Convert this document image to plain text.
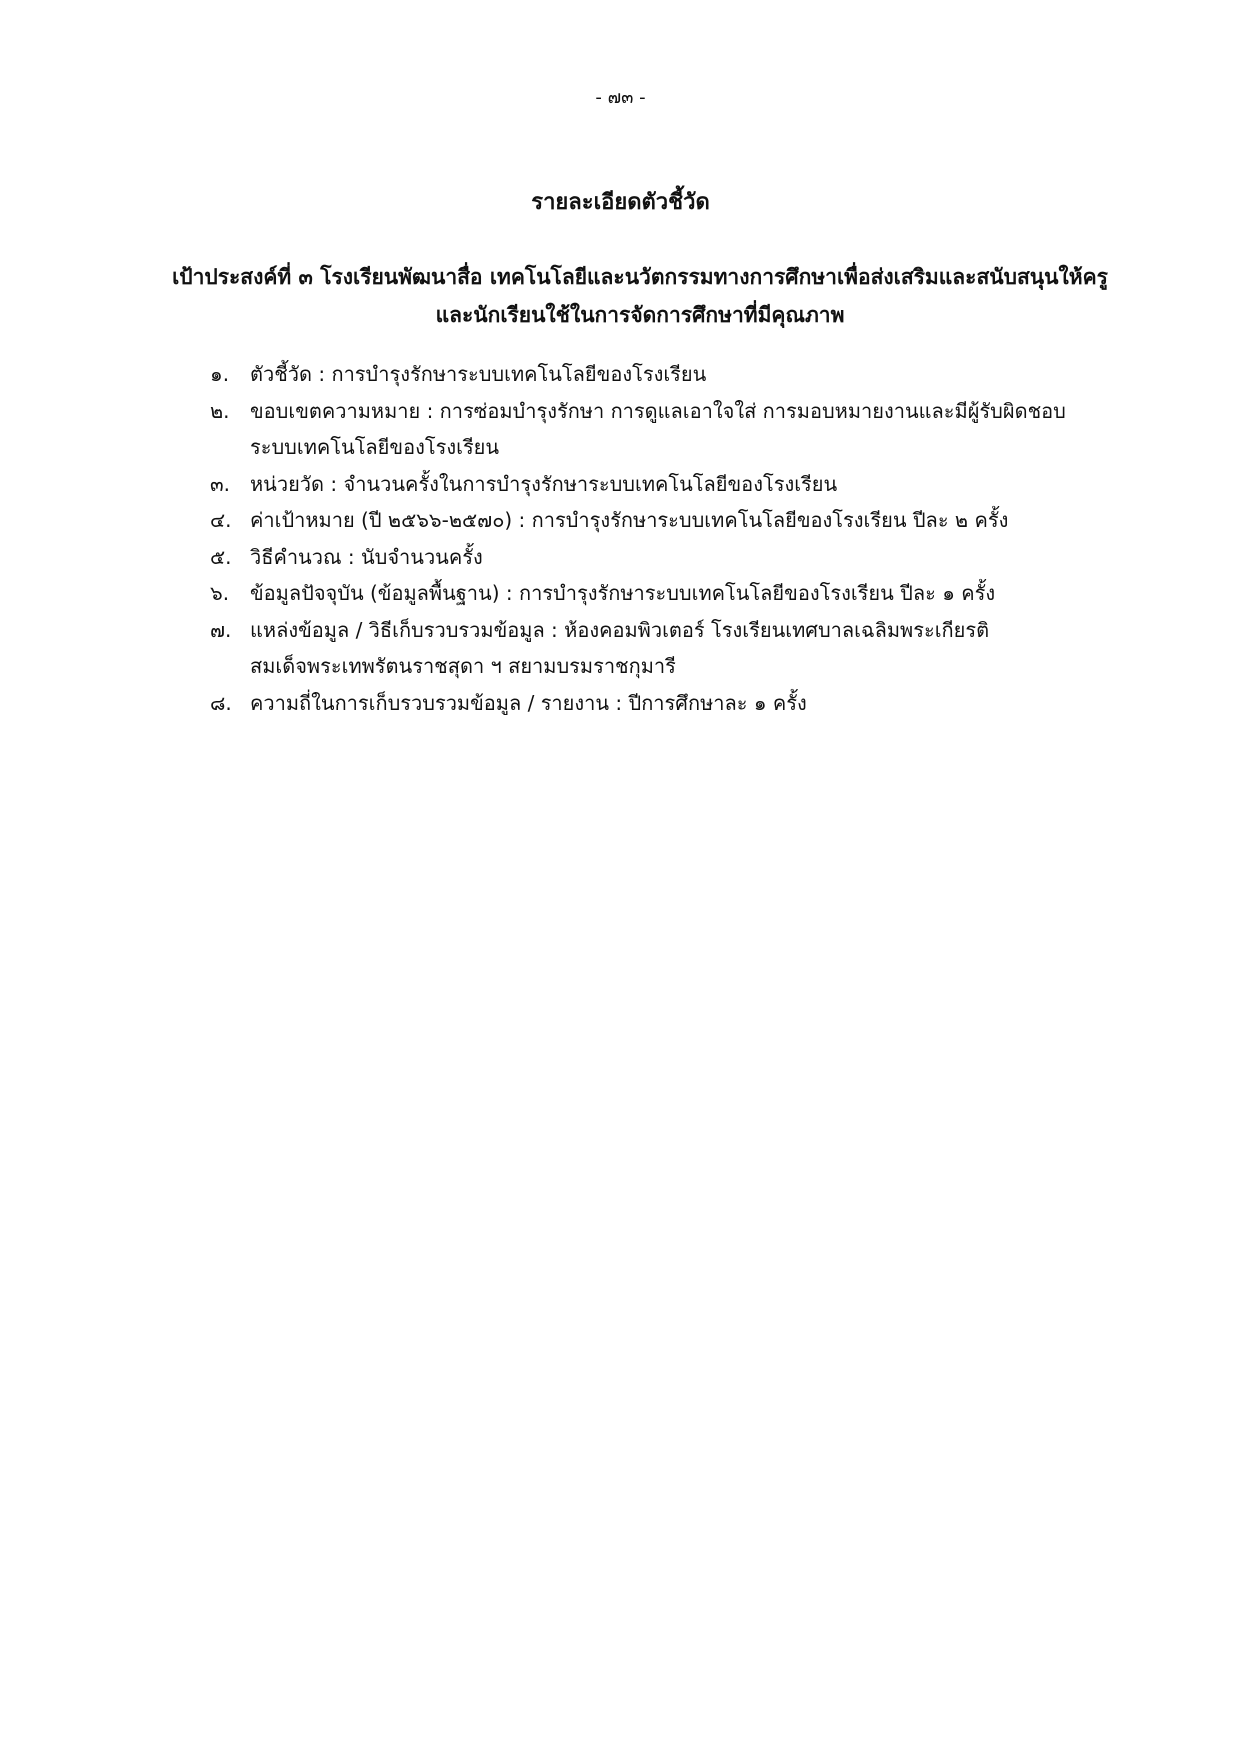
- ๗๓ -
รายละเอียดตัวชี้วัด
เป้าประสงค์ที่ ๓ โรงเรียนพัฒนาสื่อ เทคโนโลยีและนวัตกรรมทางการศึกษาเพื่อส่งเสริมและสนับสนุนให้ครูและนักเรียนใช้ในการจัดการศึกษาที่มีคุณภาพ
๑.	ตัวชี้วัด : การบำรุงรักษาระบบเทคโนโลยีของโรงเรียน
๒.	ขอบเขตความหมาย : การซ่อมบำรุงรักษา การดูแลเอาใจใส่ การมอบหมายงานและมีผู้รับผิดชอบ
ระบบเทคโนโลยีของโรงเรียน
๓. หน่วยวัด : จำนวนครั้งในการบำรุงรักษาระบบเทคโนโลยีของโรงเรียน
๔. ค่าเป้าหมาย (ปี ๒๕๖๖-๒๕๗๐) : การบำรุงรักษาระบบเทคโนโลยีของโรงเรียน ปีละ ๒ ครั้ง
๕. วิธีคำนวณ : นับจำนวนครั้ง
๖.	ข้อมูลปัจจุบัน (ข้อมูลพื้นฐาน) : การบำรุงรักษาระบบเทคโนโลยีของโรงเรียน ปีละ ๑ ครั้ง
๗. แหล่งข้อมูล / วิธีเก็บรวบรวมข้อมูล : ห้องคอมพิวเตอร์ โรงเรียนเทศบาลเฉลิมพระเกียรติ
สมเด็จพระเทพรัตนราชสุดา ฯ สยามบรมราชกุมารี
๘. ความถี่ในการเก็บรวบรวมข้อมูล / รายงาน : ปีการศึกษาละ ๑ ครั้ง
